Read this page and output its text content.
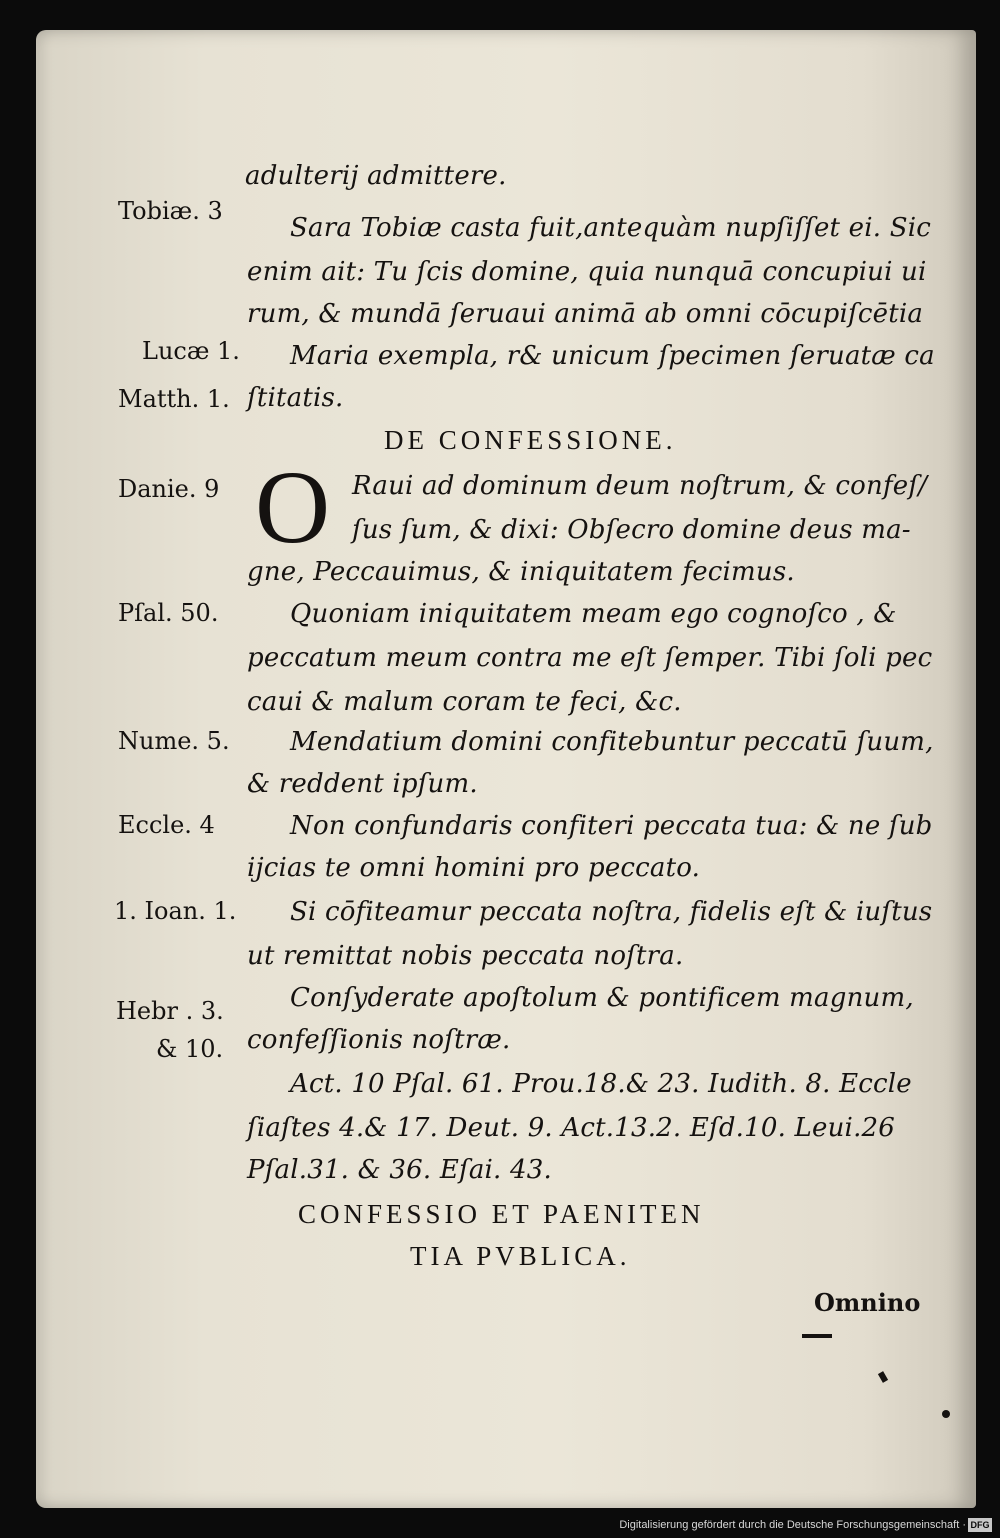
Tobiæ. 3
Lucæ 1.
Matth. 1.
Danie. 9
Pſal. 50.
Nume. 5.
Eccle. 4
1. Ioan. 1.
Hebr . 3.
& 10.
adulterij admittere.
Sara Tobiæ casta fuit,antequàm nupſiſſet ei. Sic
enim ait: Tu ſcis domine, quia nunquā concupiui ui
rum, & mundā ſeruaui animā ab omni cōcupiſcētia
Maria exempla, r& unicum ſpecimen ſeruatæ ca
ſtitatis.
DE CONFESSIONE.
O Raui ad dominum deum noſtrum, & confeſ/
ſus ſum, & dixi: Obſecro domine deus ma-
gne, Peccauimus, & iniquitatem fecimus.
Quoniam iniquitatem meam ego cognoſco , &
peccatum meum contra me eſt ſemper. Tibi ſoli pec
caui & malum coram te feci, &c.
Mendatium domini confitebuntur peccatū ſuum,
& reddent ipſum.
Non confundaris confiteri peccata tua: & ne ſub
ijcias te omni homini pro peccato.
Si cōfiteamur peccata noſtra, fidelis eſt & iuſtus
ut remittat nobis peccata noſtra.
Conſyderate apoſtolum & pontificem magnum,
confeſſionis noſtræ.
Act. 10 Pſal. 61. Prou.18.& 23. Iudith. 8. Eccle
ſiaſtes 4.& 17. Deut. 9. Act.13.2. Eſd.10. Leui.26
Pſal.31. & 36. Eſai. 43.
CONFESSIO ET PAENITEN
TIA PVBLICA.
Omnino
Digitalisierung gefördert durch die Deutsche Forschungsgemeinschaft · DFG
